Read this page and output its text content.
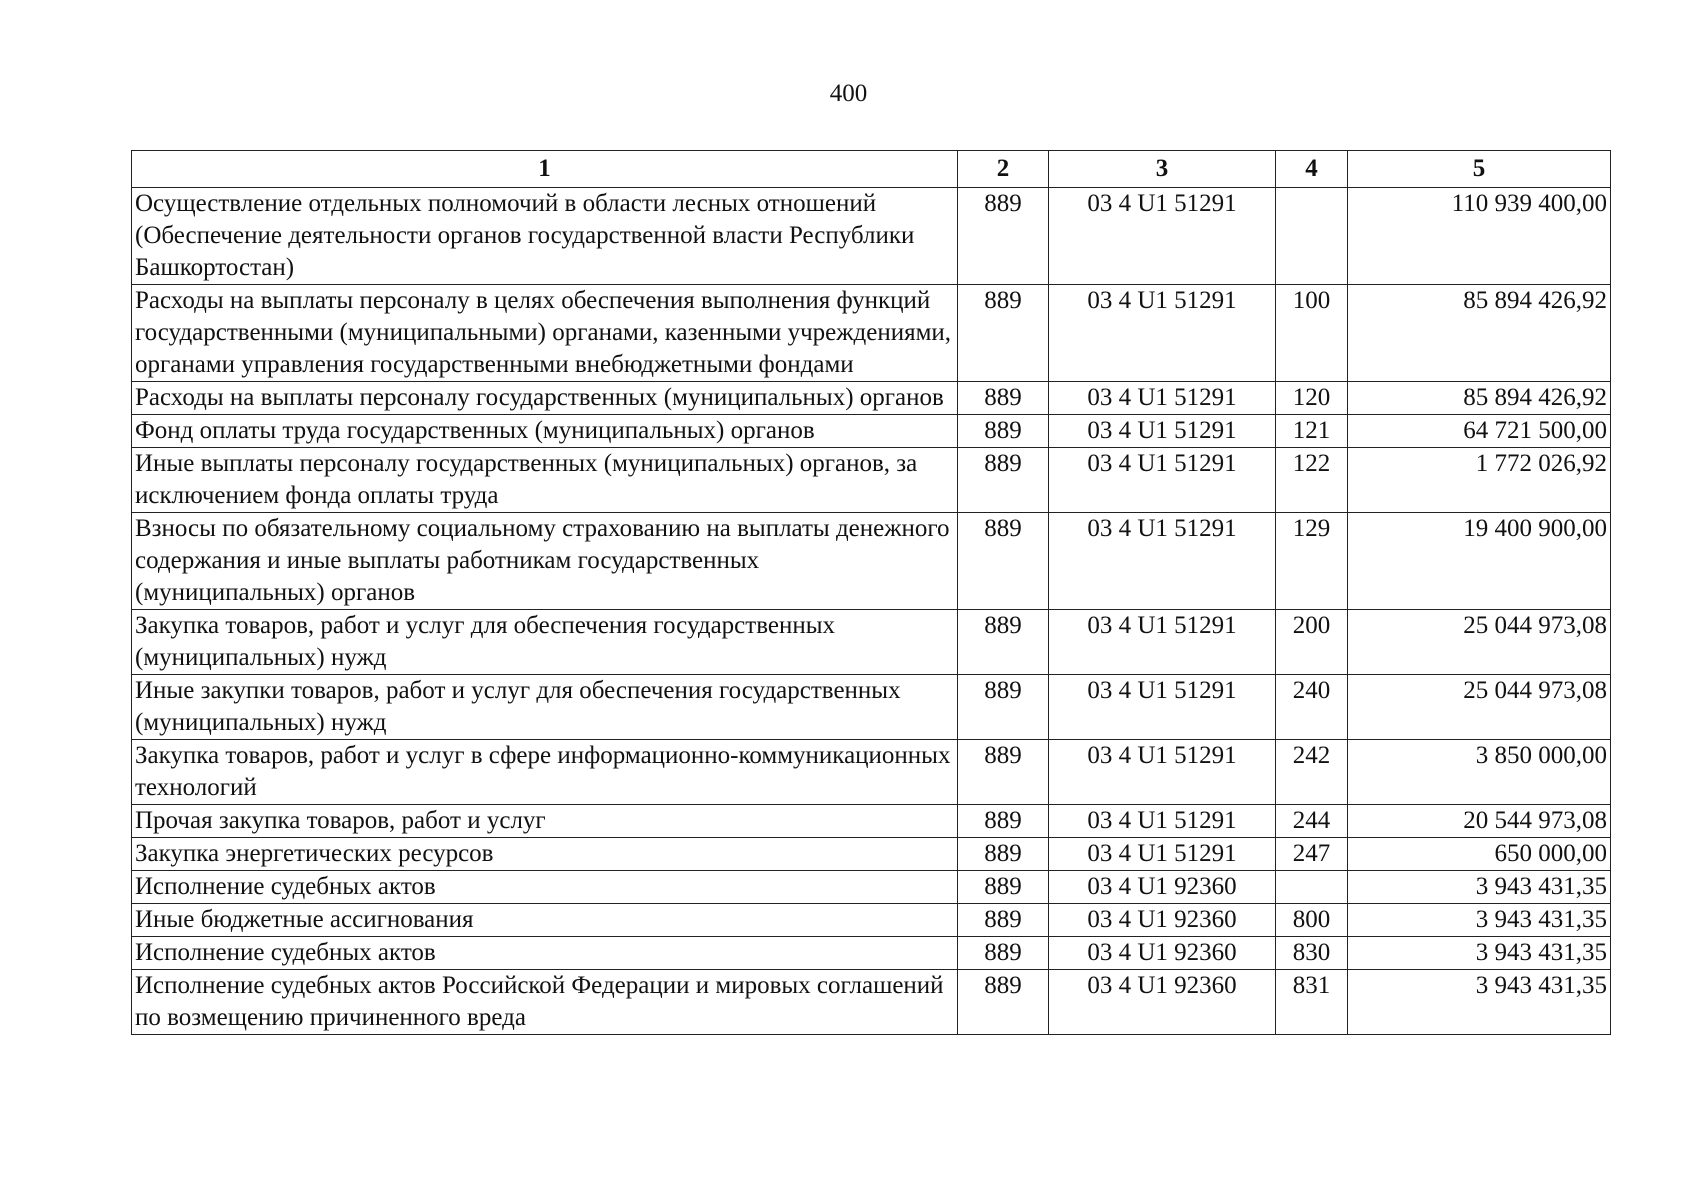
400
1	2	3	4	5
Осуществление отдельных полномочий в области лесных отношений (Обеспечение деятельности органов государственной власти Республики Башкортостан)	889	03 4 U1 51291		110 939 400,00
Расходы на выплаты персоналу в целях обеспечения выполнения функций государственными (муниципальными) органами, казенными учреждениями, органами управления государственными внебюджетными фондами	889	03 4 U1 51291	100	85 894 426,92
Расходы на выплаты персоналу государственных (муниципальных) органов	889	03 4 U1 51291	120	85 894 426,92
Фонд оплаты труда государственных (муниципальных) органов	889	03 4 U1 51291	121	64 721 500,00
Иные выплаты персоналу государственных (муниципальных) органов, за исключением фонда оплаты труда	889	03 4 U1 51291	122	1 772 026,92
Взносы по обязательному социальному страхованию на выплаты денежного содержания и иные выплаты работникам государственных (муниципальных) органов	889	03 4 U1 51291	129	19 400 900,00
Закупка товаров, работ и услуг для обеспечения государственных (муниципальных) нужд	889	03 4 U1 51291	200	25 044 973,08
Иные закупки товаров, работ и услуг для обеспечения государственных (муниципальных) нужд	889	03 4 U1 51291	240	25 044 973,08
Закупка товаров, работ и услуг в сфере информационно-коммуникационных технологий	889	03 4 U1 51291	242	3 850 000,00
Прочая закупка товаров, работ и услуг	889	03 4 U1 51291	244	20 544 973,08
Закупка энергетических ресурсов	889	03 4 U1 51291	247	650 000,00
Исполнение судебных актов	889	03 4 U1 92360		3 943 431,35
Иные бюджетные ассигнования	889	03 4 U1 92360	800	3 943 431,35
Исполнение судебных актов	889	03 4 U1 92360	830	3 943 431,35
Исполнение судебных актов Российской Федерации и мировых соглашений по возмещению причиненного вреда	889	03 4 U1 92360	831	3 943 431,35
